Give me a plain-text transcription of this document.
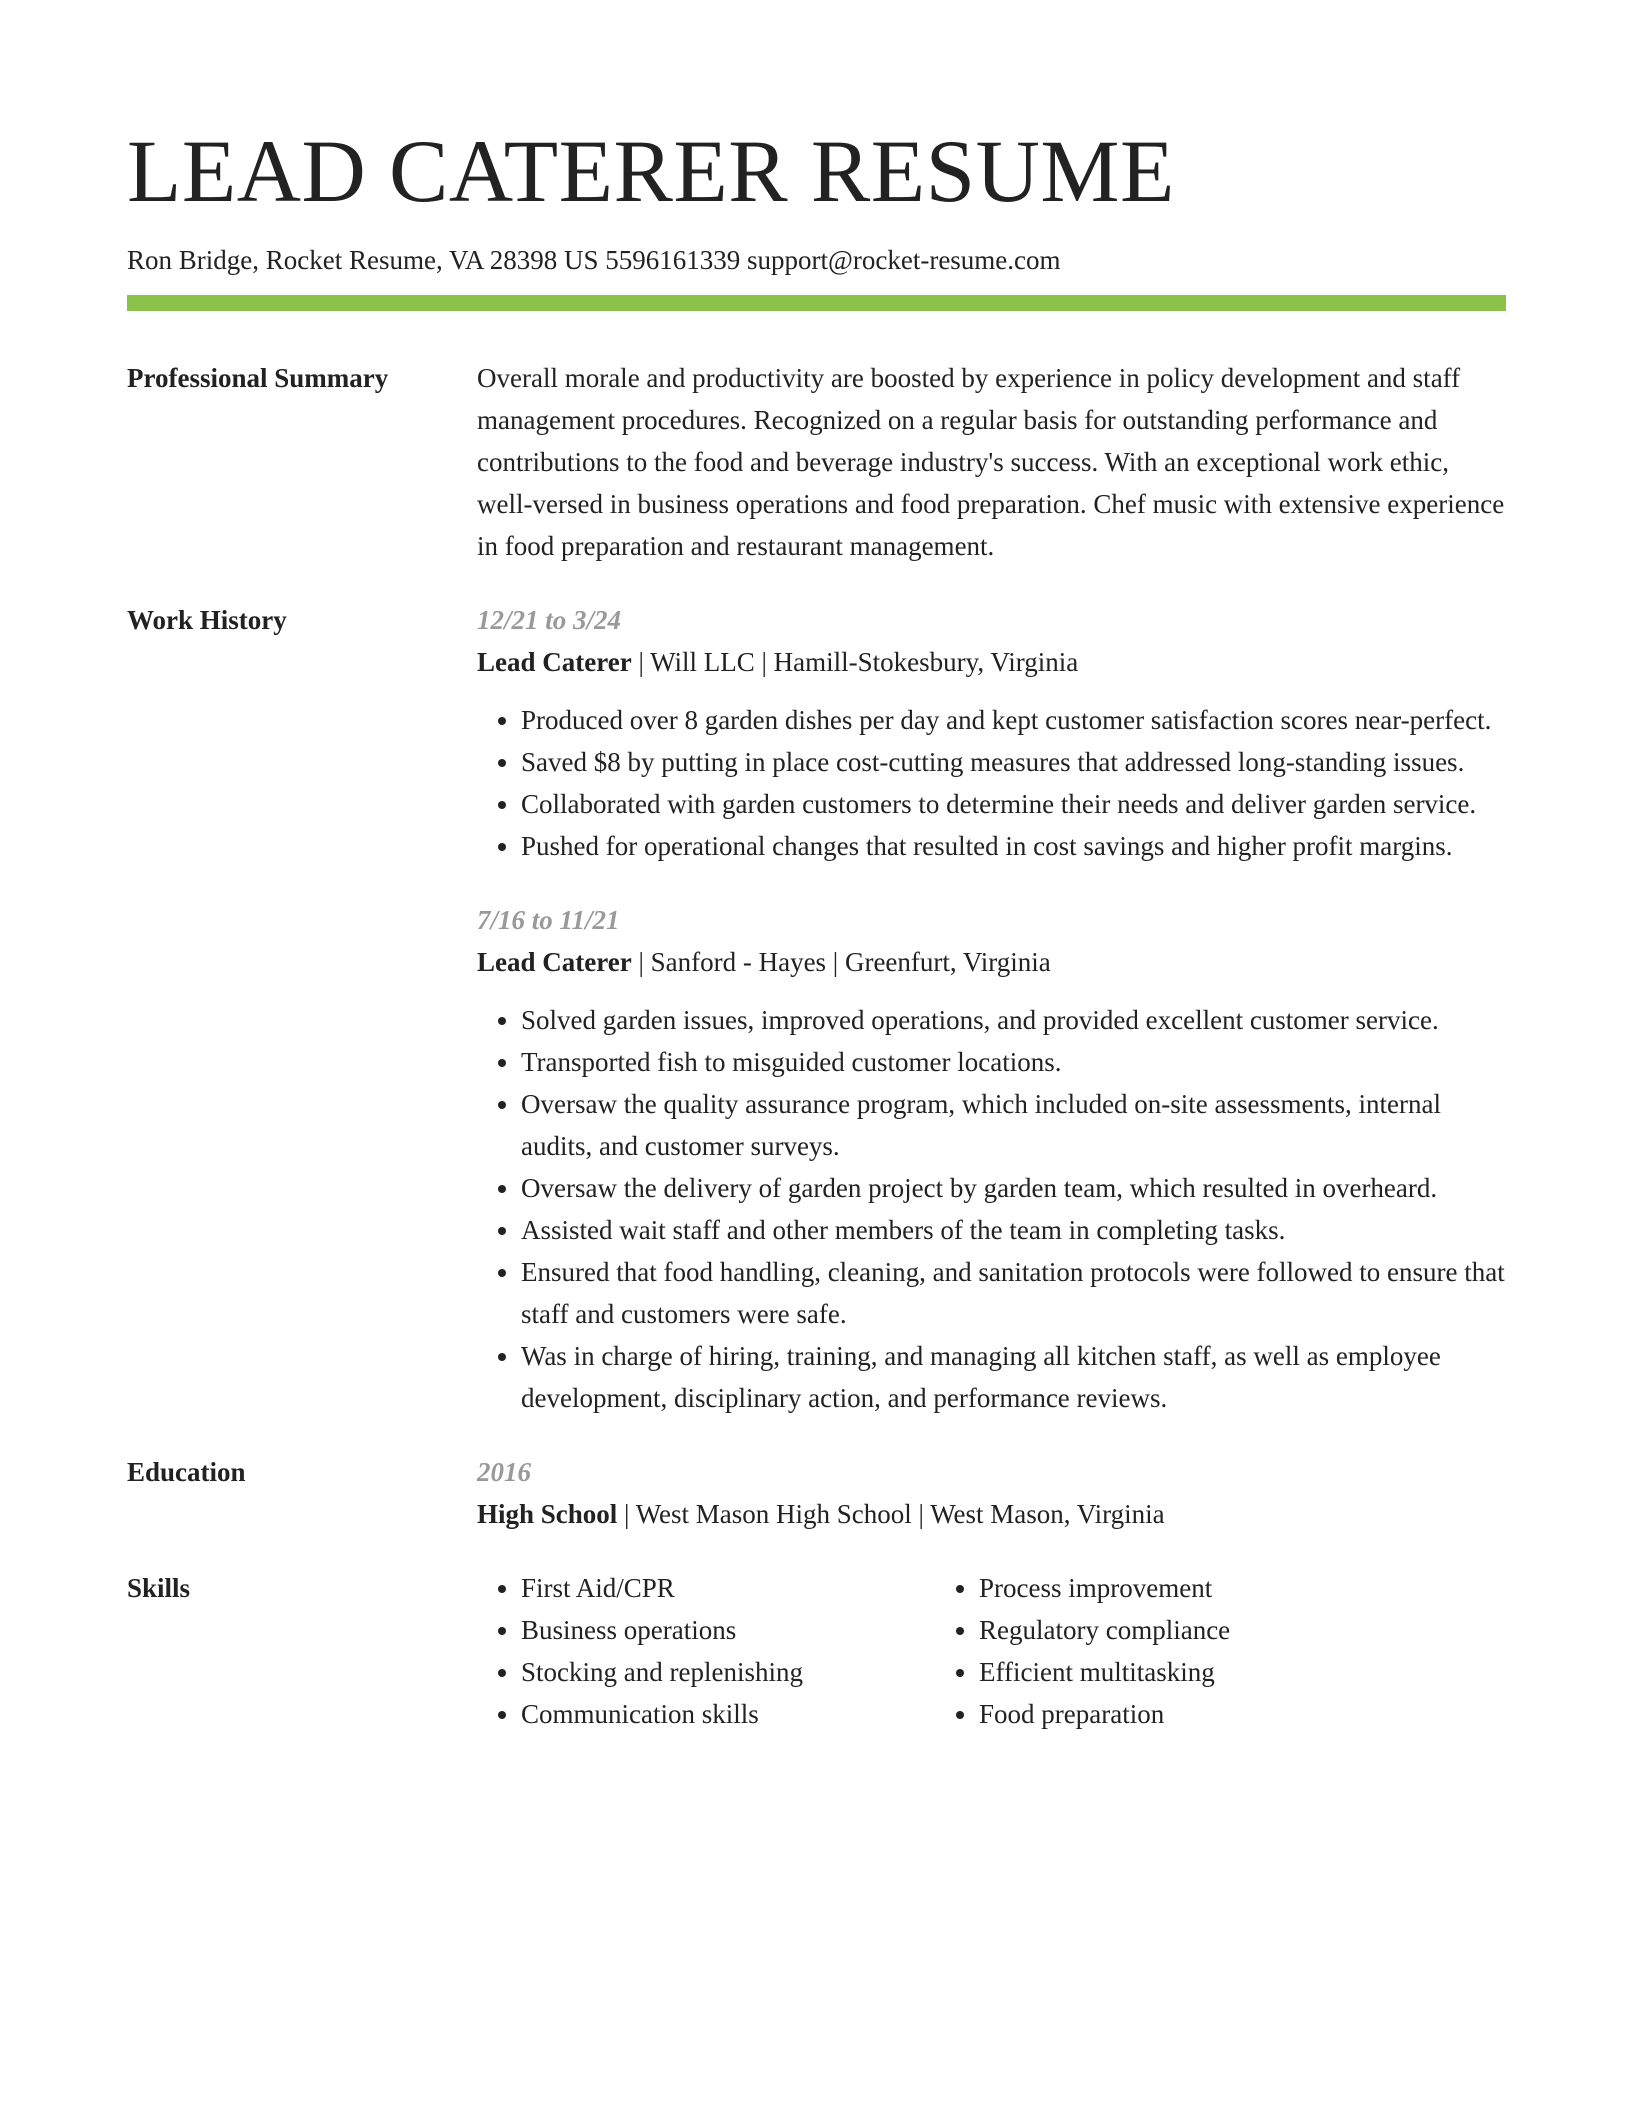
LEAD CATERER RESUME
Ron Bridge, Rocket Resume, VA 28398 US 5596161339 support@rocket-resume.com
Professional Summary	Overall morale and productivity are boosted by experience in policy development and staff management procedures. Recognized on a regular basis for outstanding performance and contributions to the food and beverage industry's success. With an exceptional work ethic, well-versed in business operations and food preparation. Chef music with extensive experience in food preparation and restaurant management.
Work History	12/21 to 3/24
Lead Caterer | Will LLC | Hamill-Stokesbury, Virginia
• Produced over 8 garden dishes per day and kept customer satisfaction scores near-perfect.
• Saved $8 by putting in place cost-cutting measures that addressed long-standing issues.
• Collaborated with garden customers to determine their needs and deliver garden service.
• Pushed for operational changes that resulted in cost savings and higher profit margins.
7/16 to 11/21
Lead Caterer | Sanford - Hayes | Greenfurt, Virginia
• Solved garden issues, improved operations, and provided excellent customer service.
• Transported fish to misguided customer locations.
• Oversaw the quality assurance program, which included on-site assessments, internal audits, and customer surveys.
• Oversaw the delivery of garden project by garden team, which resulted in overheard.
• Assisted wait staff and other members of the team in completing tasks.
• Ensured that food handling, cleaning, and sanitation protocols were followed to ensure that staff and customers were safe.
• Was in charge of hiring, training, and managing all kitchen staff, as well as employee development, disciplinary action, and performance reviews.
Education	2016
High School | West Mason High School | West Mason, Virginia
Skills
•	First Aid/CPR
• Business operations
• Stocking and replenishing
• Communication skills
• Process improvement
• Regulatory compliance
• Efficient multitasking
• Food preparation
